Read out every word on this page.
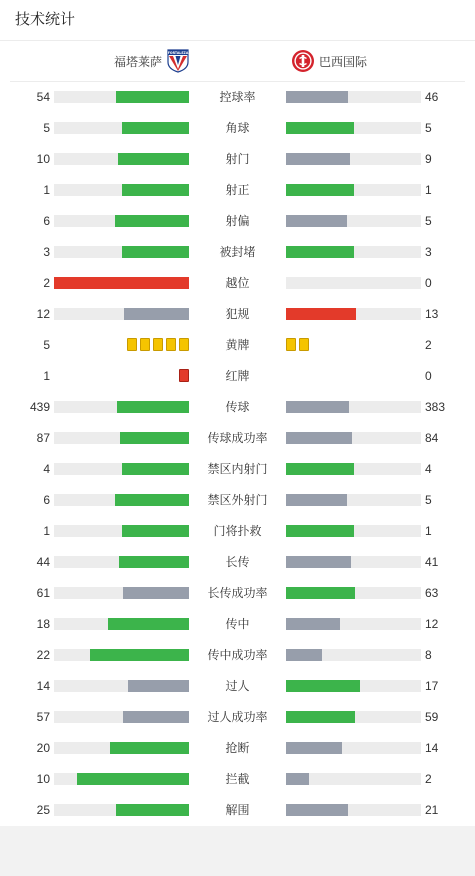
技术统计
福塔莱萨
FORTALEZA
巴西国际
54	控球率	46
5	角球	5
10	射门	9
1	射正	1
6	射偏	5
3	被封堵	3
2	越位	0
12	犯规	13
5	黄牌	2
1	红牌	0
439	传球	383
87	传球成功率	84
4	禁区内射门	4
6	禁区外射门	5
1	门将扑救	1
44	长传	41
61	长传成功率	63
18	传中	12
22	传中成功率	8
14	过人	17
57	过人成功率	59
20	抢断	14
10	拦截	2
25	解围	21
